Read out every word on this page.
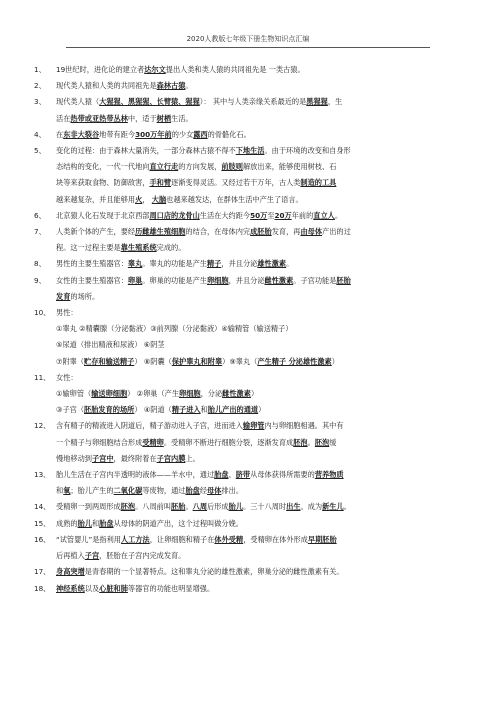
2020人教版七年级下册生物知识点汇编
1、	19世纪时，进化论的建立者达尔文提出人类和类人猿的共同祖先是 一类古猿。
2、	现代类人猿和人类的共同祖先是森林古猿。
3、	现代类人猿（大猩猩、黑猩猩、长臂猿、猩猩）： 其中与人类亲缘关系最近的是黑猩猩，生
活在热带或亚热带丛林中，适于树栖生活。
4、	在东非大裂谷地带有距今300万年前的少女露西的骨骼化石。
5、	变化的过程：由于森林大量消失，一部分森林古猿不得不下地生活。由于环境的改变和自身形
态结构的变化，一代一代地向直立行走的方向发展，前肢则解放出来，能够使用树枝、石
块等来获取食物、防御敌害，手和臂逐渐变得灵活。又经过若干万年，古人类制造的工具
越来越复杂，并且能够用火， 大脑也越来越发达，在群体生活中产生了语言。
6、	北京猿人化石发现于北京西部周口店的龙骨山生活在大约距今50万至20万年前的直立人。
7、	人类新个体的产生，要经历雌雄生殖细胞的结合，在母体内完成胚胎发育，再由母体产出的过
程。这一过程主要是靠生殖系统完成的。
8、	男性的主要生殖器官：睾丸。睾丸的功能是产生精子，并且分泌雄性激素。
9、	女性的主要生殖器官：卵巢。卵巢的功能是产生卵细胞，并且分泌雌性激素。子宫功能是胚胎
发育的场所。
10、 男性：
①睾丸 ②精囊腺（分泌黏液）③前列腺（分泌黏液）④输精管（输送精子）
⑤尿道（排出精液和尿液） ⑥阴茎
⑦附睾（贮存和输送精子） ⑧阴囊（保护睾丸和附睾）⑨睾丸（产生精子 分泌雄性激素）
11、 女性：
①输卵管（输送卵细胞） ②卵巢（产生卵细胞，分泌雌性激素）
③子宫（胚胎发育的场所） ④阴道（精子进入和胎儿产出的通道）
12、 含有精子的精液进入阴道后，精子游动进入子宫，进而进入输卵管内与卵细胞相遇。其中有
一个精子与卵细胞结合形成受精卵。受精卵不断进行细胞分裂，逐渐发育成胚泡。胚泡缓
慢地移动到子宫中，最终附着在子宫内膜上。
13、 胎儿生活在子宫内半透明的液体——羊水中，通过胎盘、脐带从母体获得所需要的营养物质
和氧；胎儿产生的二氧化碳等废物，通过胎盘经母体排出。
14、 受精卵一到两周形成胚泡。八周前叫胚胎。八周后形成胎儿。三十八周时出生。成为新生儿。
15、 成熟的胎儿和胎盘从母体的阴道产出，这个过程叫做分娩。
16、 “试管婴儿”是指利用人工方法，让卵细胞和精子在体外受精，受精卵在体外形成早期胚胎
后再植入子宫，胚胎在子宫内完成发育。
17、 身高突增是青春期的一个显著特点。这和睾丸分泌的雄性激素，卵巢分泌的雌性激素有关。
18、 神经系统以及心脏和肺等器官的功能也明显增强。
